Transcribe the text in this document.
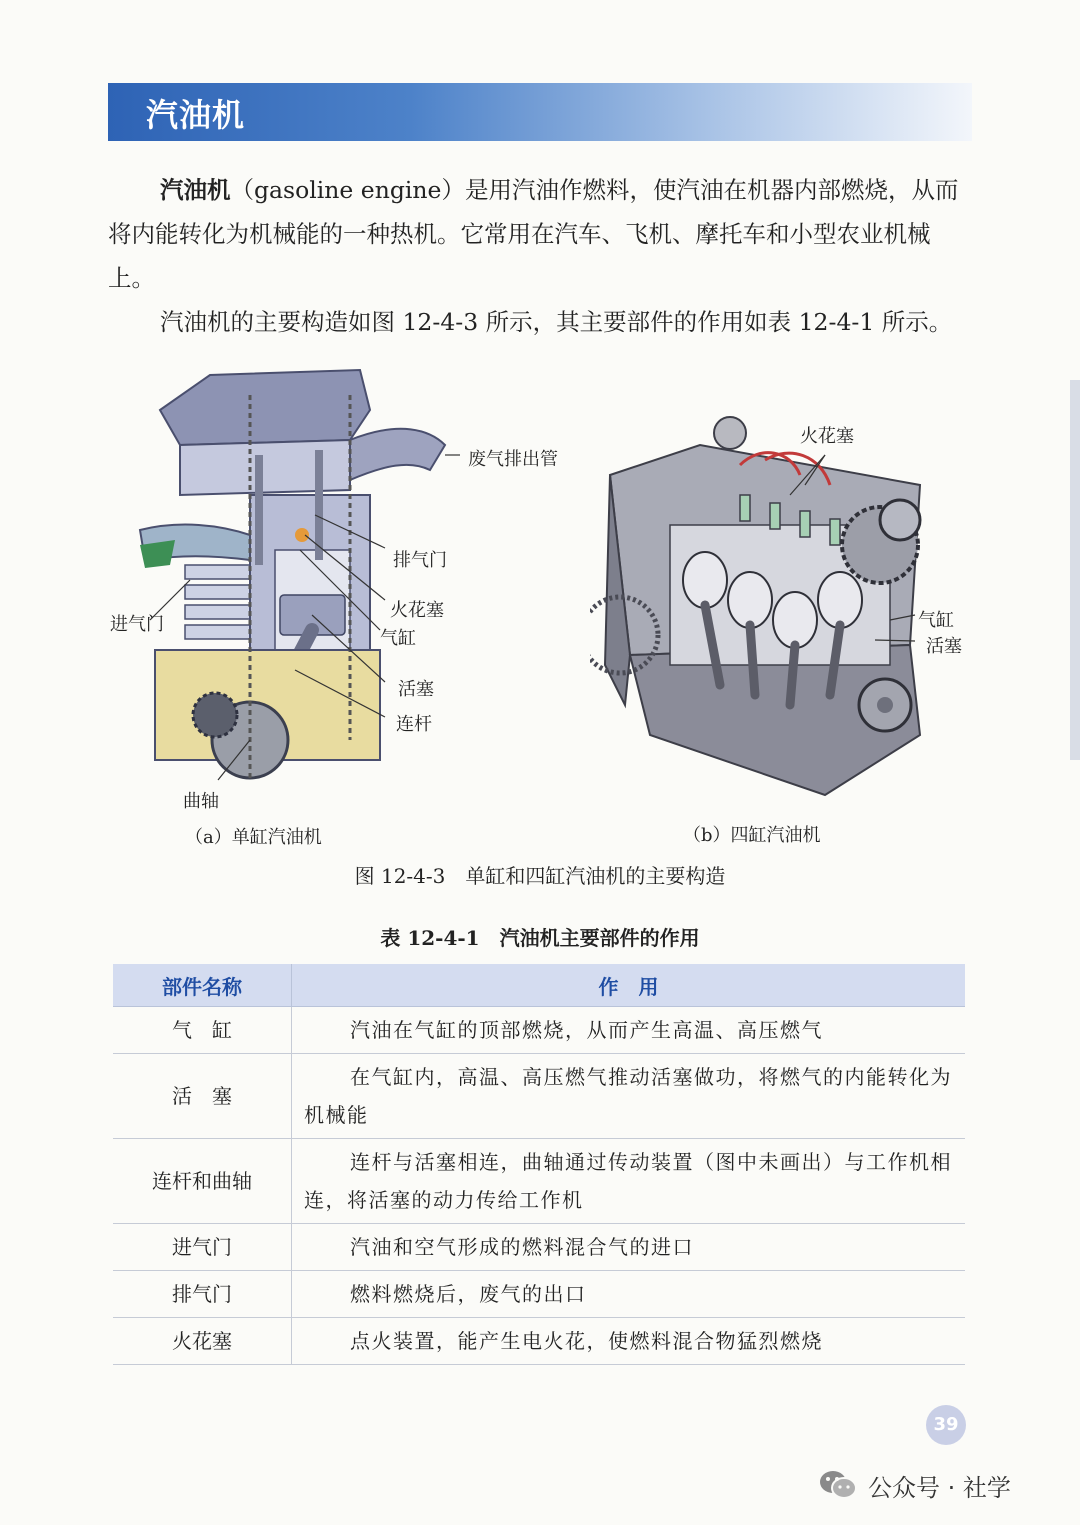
汽油机

汽油机（gasoline engine）是用汽油作燃料，使汽油在机器内部燃烧，从而将内能转化为机械能的一种热机。它常用在汽车、飞机、摩托车和小型农业机械上。

汽油机的主要构造如图 12-4-3 所示，其主要部件的作用如表 12-4-1 所示。

废气排出管
排气门
进气门
火花塞
气缸
活塞
连杆
曲轴
（a）单缸汽油机
火花塞
气缸
活塞
（b）四缸汽油机
图 12-4-3　单缸和四缸汽油机的主要构造
表 12-4-1　汽油机主要部件的作用
部件名称	作　用
气　缸	汽油在气缸的顶部燃烧，从而产生高温、高压燃气
活　塞	在气缸内，高温、高压燃气推动活塞做功，将燃气的内能转化为机械能
连杆和曲轴	连杆与活塞相连，曲轴通过传动装置（图中未画出）与工作机相连，将活塞的动力传给工作机
进气门	汽油和空气形成的燃料混合气的进口
排气门	燃料燃烧后，废气的出口
火花塞	点火装置，能产生电火花，使燃料混合物猛烈燃烧
39
公众号 · 社学
